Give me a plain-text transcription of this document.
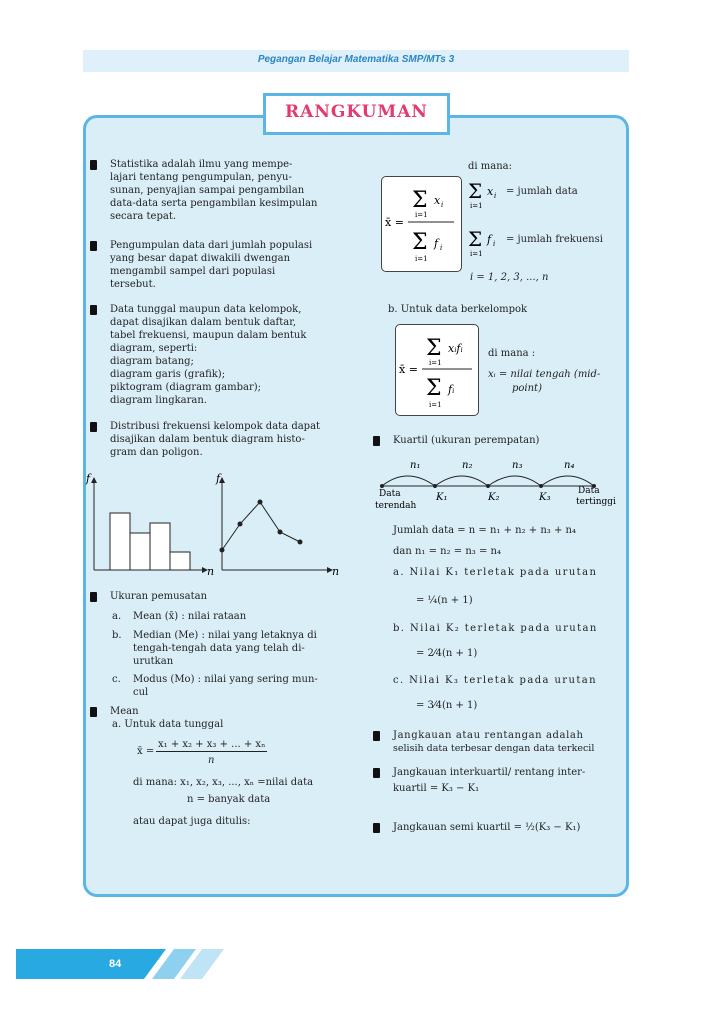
Pegangan Belajar Matematika SMP/MTs 3
RANGKUMAN
Statistika adalah ilmu yang mempe-
lajari tentang pengumpulan, penyu-
sunan, penyajian sampai pengambilan
data-data serta pengambilan kesimpulan
secara tepat.
Pengumpulan data dari jumlah populasi
yang besar dapat diwakili dwengan
mengambil sampel dari populasi
tersebut.
Data tunggal maupun data kelompok,
dapat disajikan dalam bentuk daftar,
tabel frekuensi, maupun dalam bentuk
diagram, seperti:
diagram batang;
diagram garis (grafik);
piktogram (diagram gambar);
diagram lingkaran.
Distribusi frekuensi kelompok data dapat
disajikan dalam bentuk diagram histo-
gram dan poligon.
f
n
f
n
Ukuran pemusatan
a. Mean (x̄) : nilai rataan
b. Median (Me) : nilai yang letaknya di
tengah-tengah data yang telah di-
urutkan
c. Modus (Mo) : nilai yang sering mun-
cul
Mean
a. Untuk data tunggal
x̄ =
x₁ + x₂ + x₃ + ... + xₙ
n
di mana: x₁, x₂, x₃, ..., xₙ =nilai data
n = banyak data
atau dapat juga ditulis:
Σ x i
i=1
x̄ =
Σ f i
i=1
di mana:
Σ x i
i=1
Σ f i
i=1
= jumlah data
= jumlah frekuensi
i = 1, 2, 3, ..., n
b. Untuk data berkelompok
Σ xᵢfᵢ
i=1
x̄ =
Σ fᵢ
i=1
di mana :
xᵢ = nilai tengah (mid-
point)
Kuartil (ukuran perempatan)
n₁	n₂	n₃	n₄
K₁	K₂	K₃
Data
terendah
Data
tertinggi
Jumlah data = n = n₁ + n₂ + n₃ + n₄
dan n₁ = n₂ = n₃ = n₄
a. Nilai K₁ terletak pada urutan
= ¼(n + 1)
b. Nilai K₂ terletak pada urutan
= 2⁄4(n + 1)
c. Nilai K₃ terletak pada urutan
= 3⁄4(n + 1)
Jangkauan atau rentangan adalah
selisih data terbesar dengan data terkecil
Jangkauan interkuartil/ rentang inter-
kuartil = K₃ − K₁
Jangkauan semi kuartil = ½(K₃ − K₁)
84
